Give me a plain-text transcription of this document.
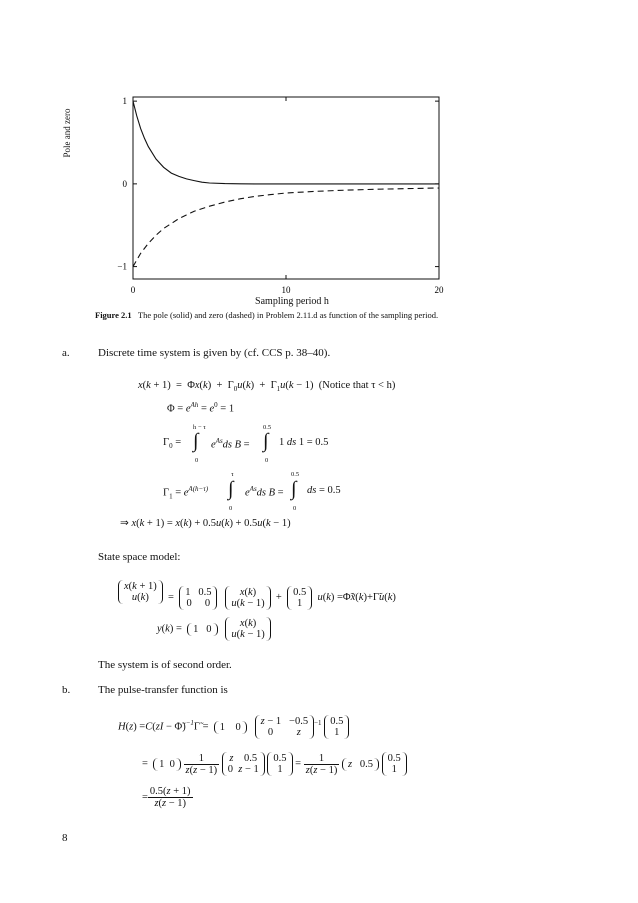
0	10	20
1
0
−1
Pole and zero
Sampling period h
Figure 2.1 The pole (solid) and zero (dashed) in Problem 2.11.d as function of the sampling period.
a.	Discrete time system is given by (cf. CCS p. 38–40).
$x(k + 1) = \Phi x(k) + \Gamma_0u(k) + \Gamma_1u(k - 1)$ (Notice that τ < h)
$\Phi = e^{Ah} = e^0 = 1$
h − τ
$\Gamma_0$ = ∫ $e^{As}ds$ B =
0
0.5
∫ 1 ds 1 = 0.5
0
τ
$\Gamma_1 = e^{A(h-\tau)}$ ∫ $e^{As}ds$ B =
0
0.5
∫ ds = 0.5
0
⇒ x(k + 1) = x(k) + 0.5u(k) + 0.5u(k − 1)
State space model:
x(k + 1)
u(k)	= 1   0.5
0     0

x(k)
u(k − 1)
+ 0.5
1
u(k) =Φ̃x̃(k)+Γ̃u(k)
y(k) =  1   0	x(k)
u(k − 1)
The system is of second order.
b.	The pulse-transfer function is
H(z) =C(zI − Φ̃)$^{-1}$Γ̃ =  1    0 z − 1   −0.5
0         z
$^{-1}$ 0.5
1
=  1  $0 \frac{1}{z(z - 1)}$
z    0.5
0  z − 1

0.5
1
= $\frac{1}{z(z - 1)}$ z   0.5 0.5
1
= $\frac{0.5(z + 1)}{z(z - 1)}$
8
